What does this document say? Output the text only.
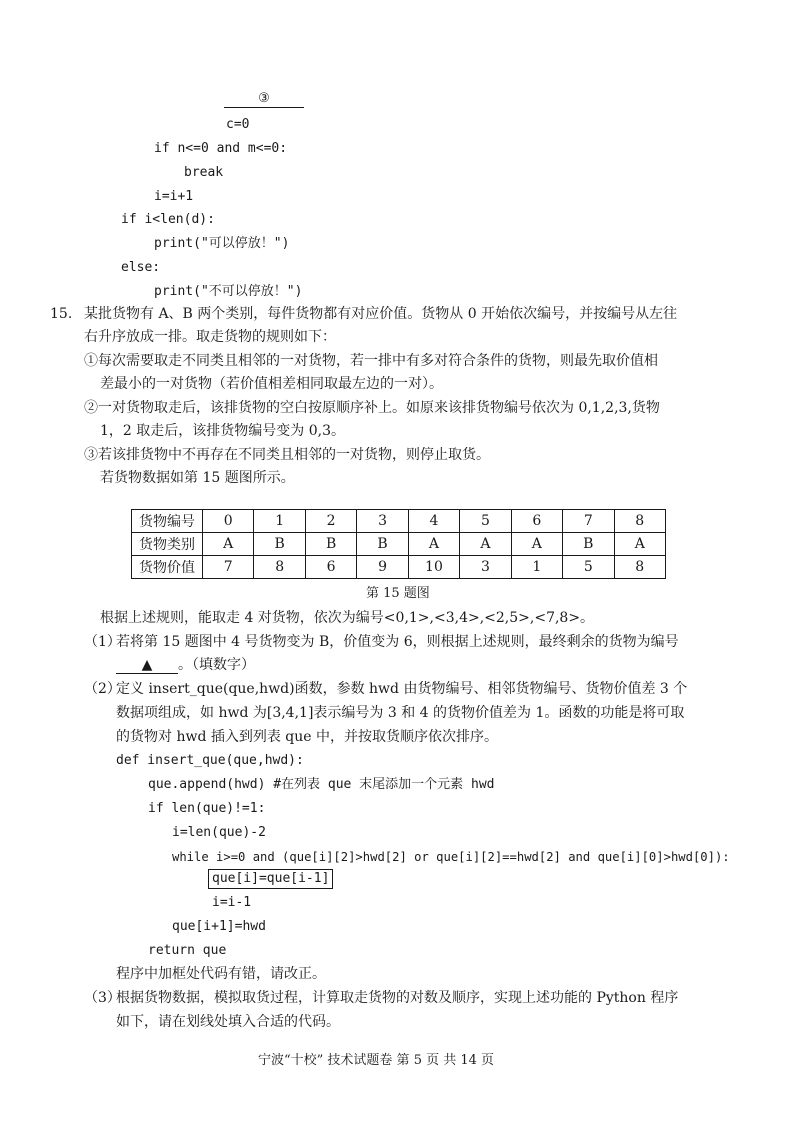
③
c=0
if n<=0 and m<=0:
break
i=i+1
if i<len(d):
print("可以停放！")
else:
print("不可以停放！")
15. 某批货物有 A、B 两个类别，每件货物都有对应价值。货物从 0 开始依次编号，并按编号从左往
右升序放成一排。取走货物的规则如下：
①每次需要取走不同类且相邻的一对货物，若一排中有多对符合条件的货物，则最先取价值相
差最小的一对货物（若价值相差相同取最左边的一对）。
②一对货物取走后，该排货物的空白按原顺序补上。如原来该排货物编号依次为 0,1,2,3,货物
1，2 取走后，该排货物编号变为 0,3。
③若该排货物中不再存在不同类且相邻的一对货物，则停止取货。
若货物数据如第 15 题图所示。
货物编号	0	1	2	3	4	5	6	7	8
货物类别	A	B	B	B	A	A	A	B	A
货物价值	7	8	6	9	10	3	1	5	8
第 15 题图
根据上述规则，能取走 4 对货物，依次为编号<0,1>,<3,4>,<2,5>,<7,8>。
（1）
若将第 15 题图中 4 号货物变为 B，价值变为 6，则根据上述规则，最终剩余的货物为编号
▲ 。（填数字）
（2）
定义 insert_que(que,hwd)函数，参数 hwd 由货物编号、相邻货物编号、货物价值差 3 个
数据项组成，如 hwd 为[3,4,1]表示编号为 3 和 4 的货物价值差为 1。函数的功能是将可取
的货物对 hwd 插入到列表 que 中，并按取货顺序依次排序。
def insert_que(que,hwd):
que.append(hwd) #在列表 que 末尾添加一个元素 hwd
if len(que)!=1:
i=len(que)-2
while i>=0 and (que[i][2]>hwd[2] or que[i][2]==hwd[2] and que[i][0]>hwd[0]):
que[i]=que[i-1]
i=i-1
que[i+1]=hwd
return que
程序中加框处代码有错，请改正。
（3）
根据货物数据，模拟取货过程，计算取走货物的对数及顺序，实现上述功能的 Python 程序
如下，请在划线处填入合适的代码。
宁波“十校” 技术试题卷 第 5 页 共 14 页
